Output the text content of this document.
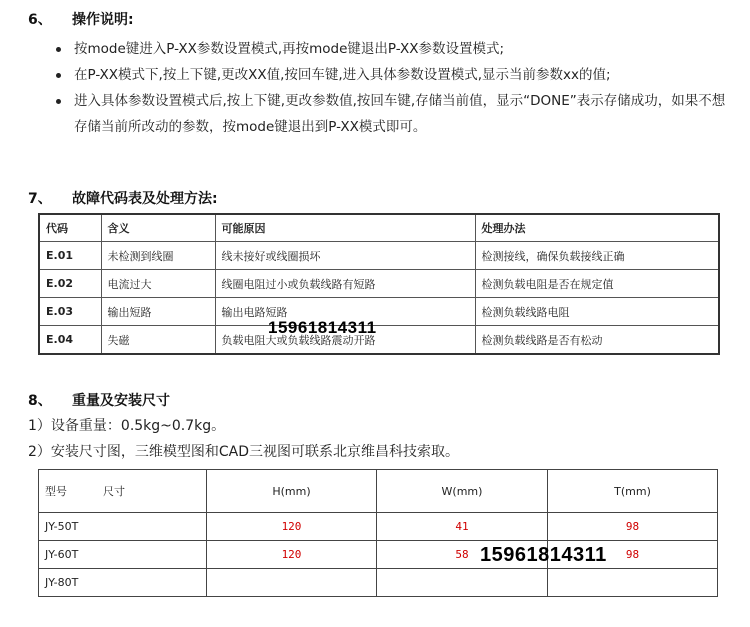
6、 操作说明:
按mode键进入P-XX参数设置模式,再按mode键退出P-XX参数设置模式;
在P-XX模式下,按上下键,更改XX值,按回车键,进入具体参数设置模式,显示当前参数xx的值;
进入具体参数设置模式后,按上下键,更改参数值,按回车键,存储当前值，显示“DONE”表示存储成功，如果不想存储当前所改动的参数，按mode键退出到P-XX模式即可。
7、 故障代码表及处理方法:
代码	含义	可能原因	处理办法
E.01	未检测到线圈	线未接好或线圈损坏	检测接线，确保负载接线正确
E.02	电流过大	线圈电阻过小或负载线路有短路	检测负载电阻是否在规定值
E.03	输出短路	输出电路短路	检测负载线路电阻
E.04	失磁	负载电阻大或负载线路震动开路	检测负载线路是否有松动
15961814311
8、 重量及安装尺寸
1）设备重量：0.5kg~0.7kg。
2）安装尺寸图，三维模型图和CAD三视图可联系北京维昌科技索取。
型号 尺寸	H(mm)	W(mm)	T(mm)
JY-50T	120	41	98
JY-60T	120	58	98
JY-80T			
15961814311
